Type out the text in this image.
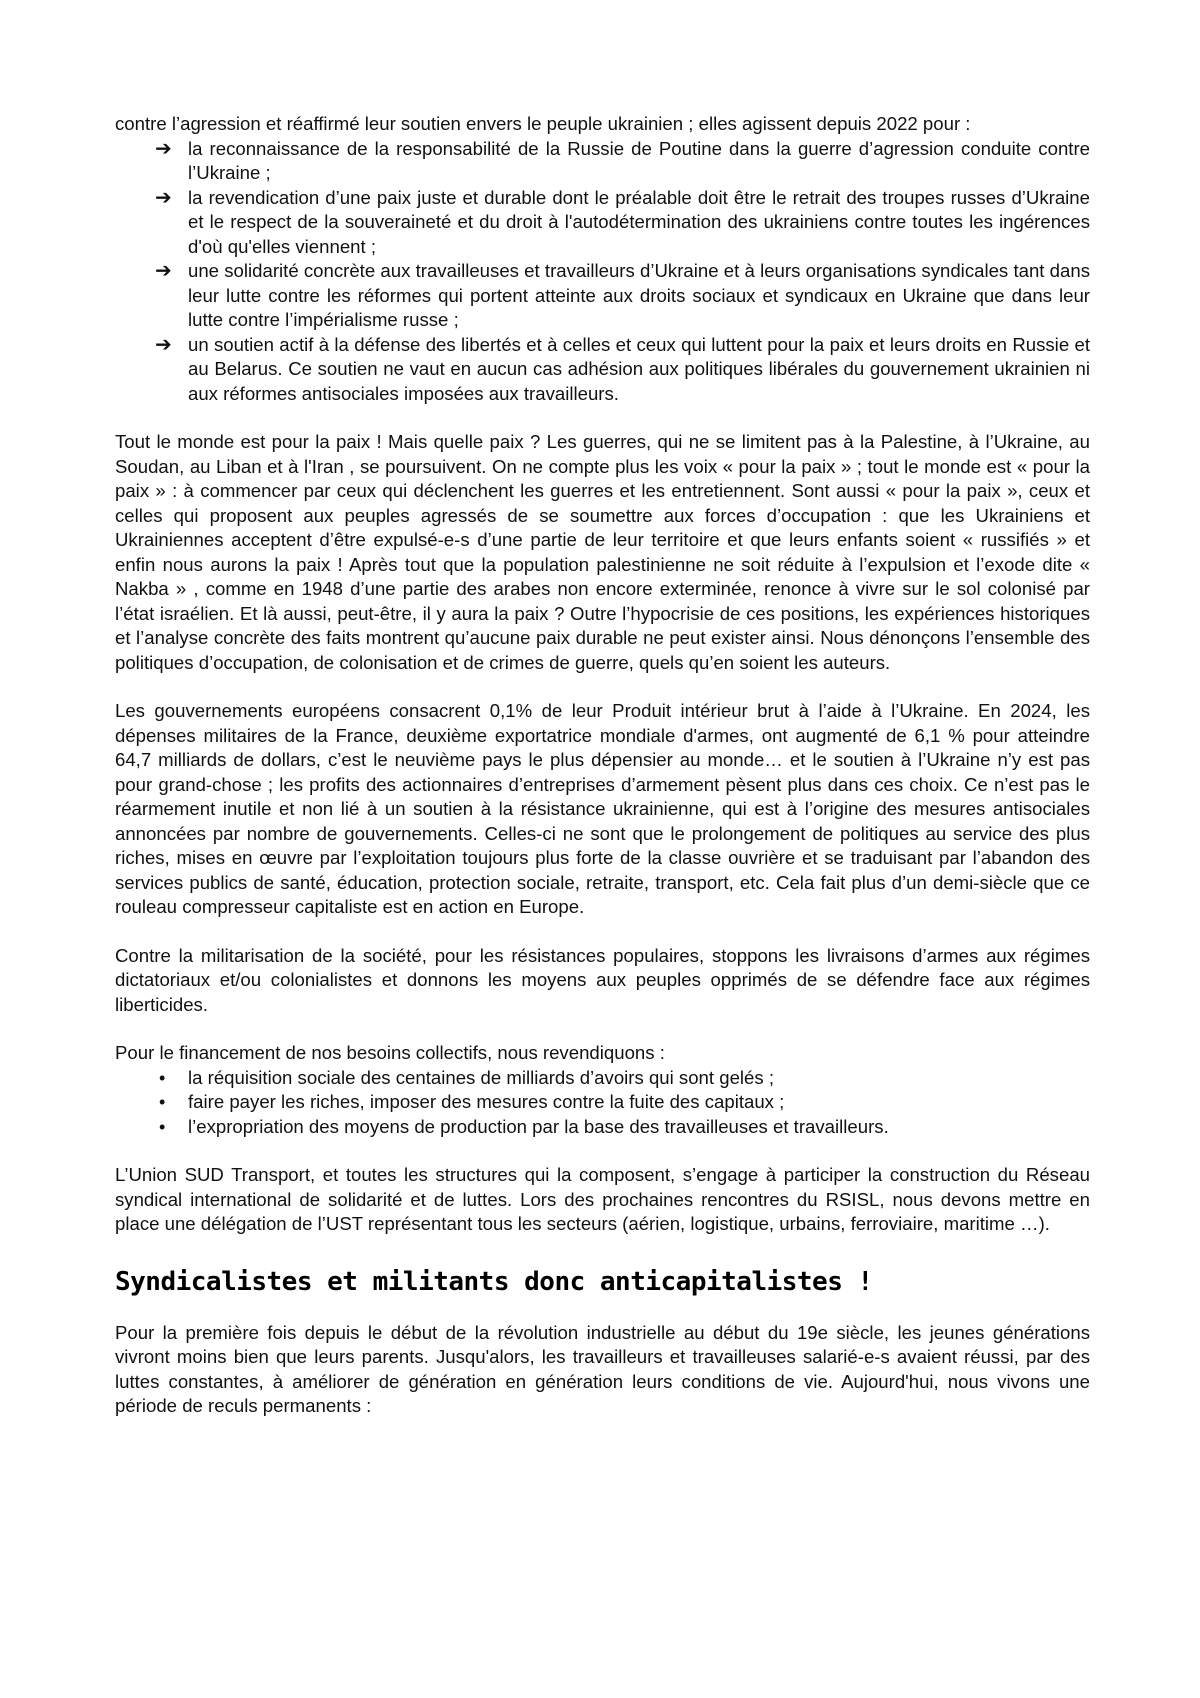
contre l’agression et réaffirmé leur soutien envers le peuple ukrainien ; elles agissent depuis 2022 pour :

➔ la reconnaissance de la responsabilité de la Russie de Poutine dans la guerre d’agression conduite contre l’Ukraine ;
➔ la revendication d’une paix juste et durable dont le préalable doit être le retrait des troupes russes d’Ukraine et le respect de la souveraineté et du droit à l'autodétermination des ukrainiens contre toutes les ingérences d'où qu'elles viennent ;
➔ une solidarité concrète aux travailleuses et travailleurs d’Ukraine et à leurs organisations syndicales tant dans leur lutte contre les réformes qui portent atteinte aux droits sociaux et syndicaux en Ukraine que dans leur lutte contre l’impérialisme russe ;
➔ un soutien actif à la défense des libertés et à celles et ceux qui luttent pour la paix et leurs droits en Russie et au Belarus. Ce soutien ne vaut en aucun cas adhésion aux politiques libérales du gouvernement ukrainien ni aux réformes antisociales imposées aux travailleurs.

Tout le monde est pour la paix ! Mais quelle paix ? Les guerres, qui ne se limitent pas à la Palestine, à l’Ukraine, au Soudan, au Liban et à l'Iran , se poursuivent. On ne compte plus les voix « pour la paix » ; tout le monde est « pour la paix » : à commencer par ceux qui déclenchent les guerres et les entretiennent. Sont aussi « pour la paix », ceux et celles qui proposent aux peuples agressés de se soumettre aux forces d’occupation : que les Ukrainiens et Ukrainiennes acceptent d’être expulsé-e-s d’une partie de leur territoire et que leurs enfants soient « russifiés » et enfin nous aurons la paix ! Après tout que la population palestinienne ne soit réduite à l’expulsion et l’exode dite « Nakba » , comme en 1948 d’une partie des arabes non encore exterminée, renonce à vivre sur le sol colonisé par l’état israélien. Et là aussi, peut-être, il y aura la paix ? Outre l’hypocrisie de ces positions, les expériences historiques et l’analyse concrète des faits montrent qu’aucune paix durable ne peut exister ainsi. Nous dénonçons l’ensemble des politiques d’occupation, de colonisation et de crimes de guerre, quels qu’en soient les auteurs.

Les gouvernements européens consacrent 0,1% de leur Produit intérieur brut à l’aide à l’Ukraine. En 2024, les dépenses militaires de la France, deuxième exportatrice mondiale d'armes, ont augmenté de 6,1 % pour atteindre 64,7 milliards de dollars, c’est le neuvième pays le plus dépensier au monde… et le soutien à l’Ukraine n’y est pas pour grand-chose ; les profits des actionnaires d’entreprises d’armement pèsent plus dans ces choix. Ce n’est pas le réarmement inutile et non lié à un soutien à la résistance ukrainienne, qui est à l’origine des mesures antisociales annoncées par nombre de gouvernements. Celles-ci ne sont que le prolongement de politiques au service des plus riches, mises en œuvre par l’exploitation toujours plus forte de la classe ouvrière et se traduisant par l’abandon des services publics de santé, éducation, protection sociale, retraite, transport, etc. Cela fait plus d’un demi-siècle que ce rouleau compresseur capitaliste est en action en Europe.

Contre la militarisation de la société, pour les résistances populaires, stoppons les livraisons d’armes aux régimes dictatoriaux et/ou colonialistes et donnons les moyens aux peuples opprimés de se défendre face aux régimes liberticides.

Pour le financement de nos besoins collectifs, nous revendiquons :

• la réquisition sociale des centaines de milliards d’avoirs qui sont gelés ;
• faire payer les riches, imposer des mesures contre la fuite des capitaux ;
• l’expropriation des moyens de production par la base des travailleuses et travailleurs.

L’Union SUD Transport, et toutes les structures qui la composent, s’engage à participer la construction du Réseau syndical international de solidarité et de luttes. Lors des prochaines rencontres du RSISL, nous devons mettre en place une délégation de l’UST représentant tous les secteurs (aérien, logistique, urbains, ferroviaire, maritime …).

Syndicalistes et militants donc anticapitalistes !

Pour la première fois depuis le début de la révolution industrielle au début du 19e siècle, les jeunes générations vivront moins bien que leurs parents. Jusqu'alors, les travailleurs et travailleuses salarié-e-s avaient réussi, par des luttes constantes, à améliorer de génération en génération leurs conditions de vie. Aujourd'hui, nous vivons une période de reculs permanents :
